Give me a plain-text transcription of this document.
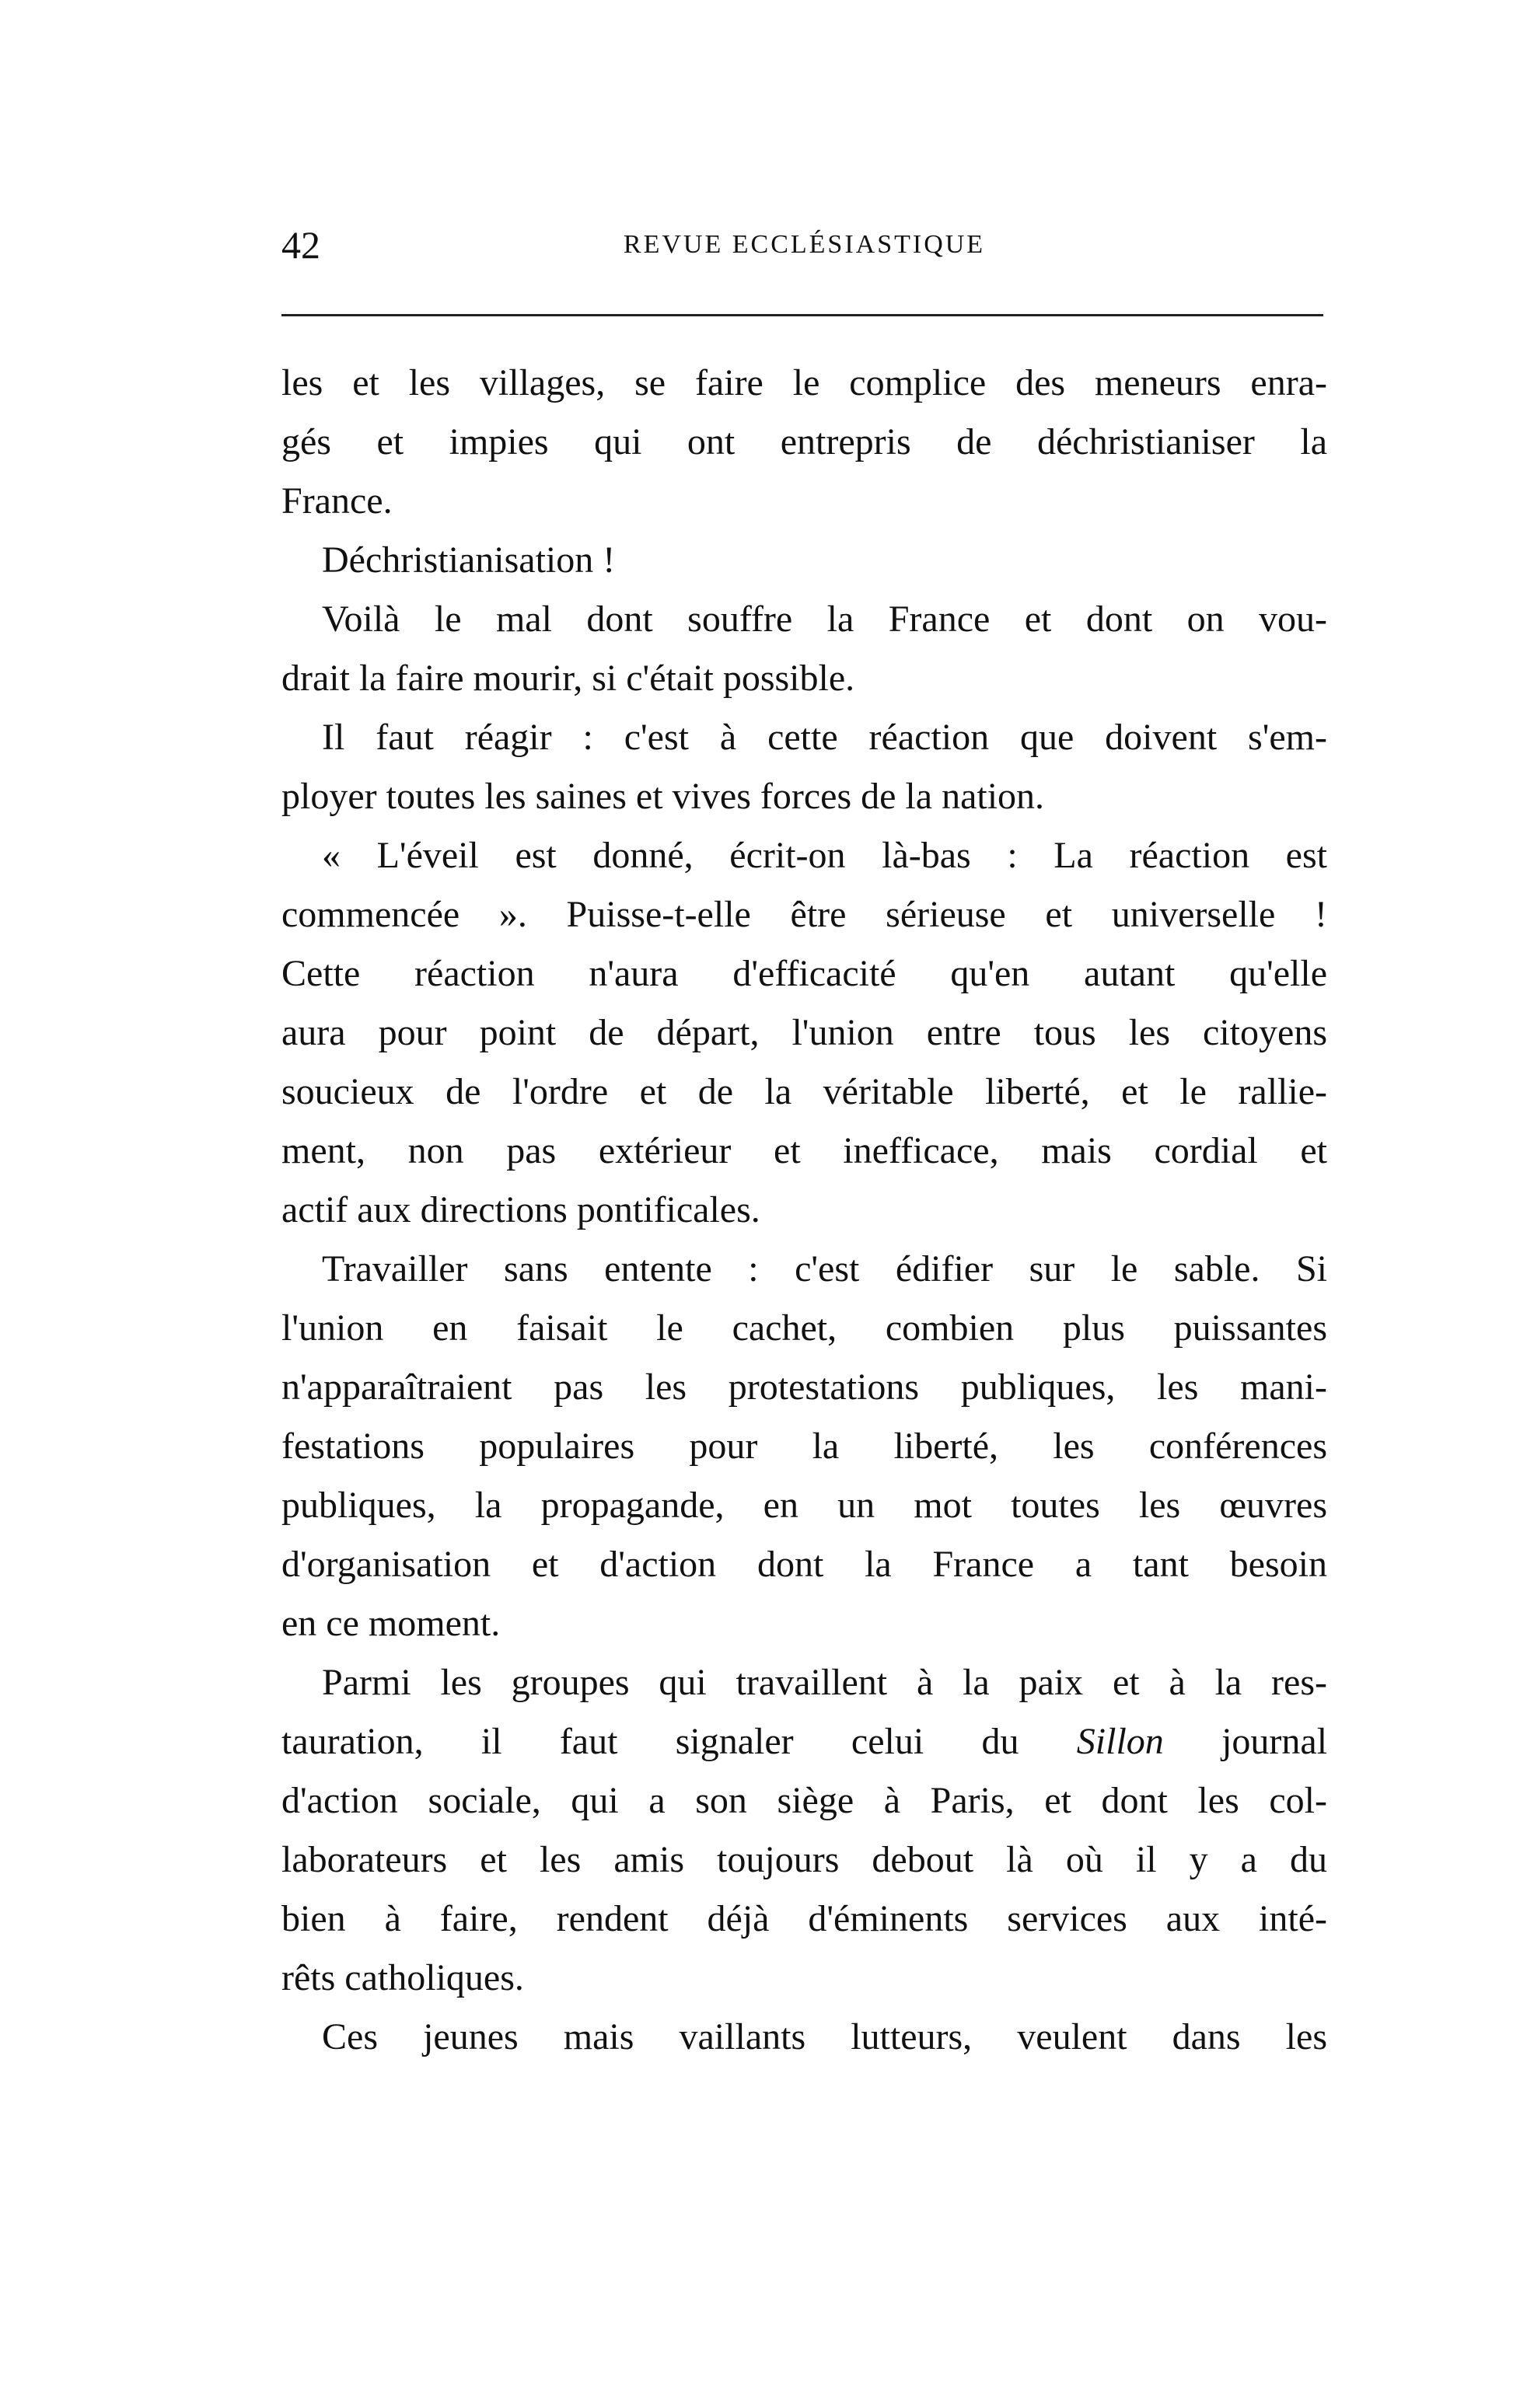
42	REVUE ECCLÉSIASTIQUE
les et les villages, se faire le complice des meneurs enra-
gés et impies qui ont entrepris de déchristianiser la
France.
Déchristianisation !
Voilà le mal dont souffre la France et dont on vou-
drait la faire mourir, si c'était possible.
Il faut réagir : c'est à cette réaction que doivent s'em-
ployer toutes les saines et vives forces de la nation.
« L'éveil est donné, écrit-on là-bas : La réaction est
commencée ». Puisse-t-elle être sérieuse et universelle !
Cette réaction n'aura d'efficacité qu'en autant qu'elle
aura pour point de départ, l'union entre tous les citoyens
soucieux de l'ordre et de la véritable liberté, et le rallie-
ment, non pas extérieur et inefficace, mais cordial et
actif aux directions pontificales.
Travailler sans entente : c'est édifier sur le sable. Si
l'union en faisait le cachet, combien plus puissantes
n'apparaîtraient pas les protestations publiques, les mani-
festations populaires pour la liberté, les conférences
publiques, la propagande, en un mot toutes les œuvres
d'organisation et d'action dont la France a tant besoin
en ce moment.
Parmi les groupes qui travaillent à la paix et à la res-
tauration, il faut signaler celui du Sillon journal
d'action sociale, qui a son siège à Paris, et dont les col-
laborateurs et les amis toujours debout là où il y a du
bien à faire, rendent déjà d'éminents services aux inté-
rêts catholiques.
Ces jeunes mais vaillants lutteurs, veulent dans les
